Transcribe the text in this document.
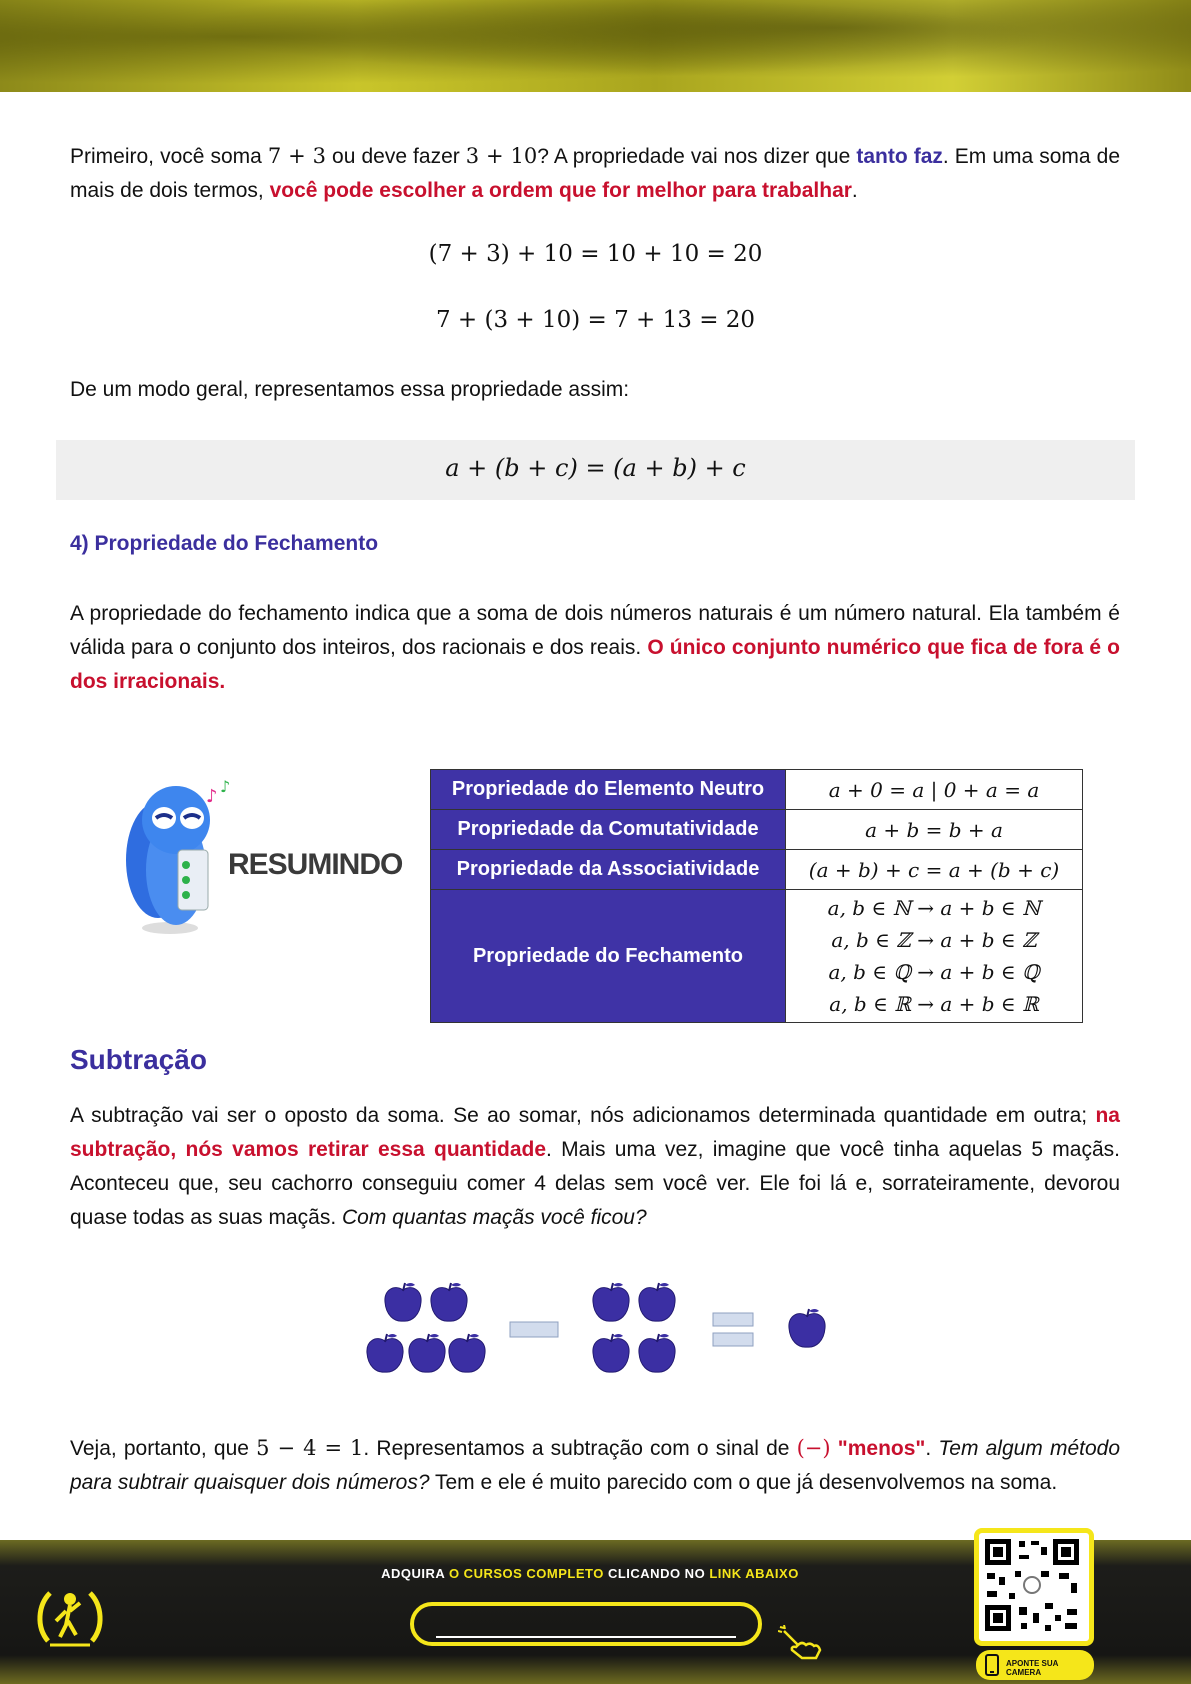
Primeiro, você soma 7 + 3 ou deve fazer 3 + 10? A propriedade vai nos dizer que tanto faz. Em uma soma de mais de dois termos, você pode escolher a ordem que for melhor para trabalhar.
(7 + 3) + 10 = 10 + 10 = 20
7 + (3 + 10) = 7 + 13 = 20
De um modo geral, representamos essa propriedade assim:
a + (b + c) = (a + b) + c
4) Propriedade do Fechamento
A propriedade do fechamento indica que a soma de dois números naturais é um número natural. Ela também é válida para o conjunto dos inteiros, dos racionais e dos reais. O único conjunto numérico que fica de fora é o dos irracionais.
♪ ♪
RESUMINDO
Propriedade do Elemento Neutro	a + 0 = a | 0 + a = a
Propriedade da Comutatividade	a + b = b + a
Propriedade da Associatividade	(a + b) + c = a + (b + c)
Propriedade do Fechamento	a, b ∈ ℕ → a + b ∈ ℕ
a, b ∈ ℤ → a + b ∈ ℤ
a, b ∈ ℚ → a + b ∈ ℚ
a, b ∈ ℝ → a + b ∈ ℝ
Subtração
A subtração vai ser o oposto da soma. Se ao somar, nós adicionamos determinada quantidade em outra; na subtração, nós vamos retirar essa quantidade. Mais uma vez, imagine que você tinha aquelas 5 maçãs. Aconteceu que, seu cachorro conseguiu comer 4 delas sem você ver. Ele foi lá e, sorrateiramente, devorou quase todas as suas maçãs. Com quantas maçãs você ficou?
Veja, portanto, que 5 − 4 = 1. Representamos a subtração com o sinal de (−) "menos". Tem algum método para subtrair quaisquer dois números? Tem e ele é muito parecido com o que já desenvolvemos na soma.
ADQUIRA O CURSOS COMPLETO CLICANDO NO LINK ABAIXO
APONTE SUA CAMERA
